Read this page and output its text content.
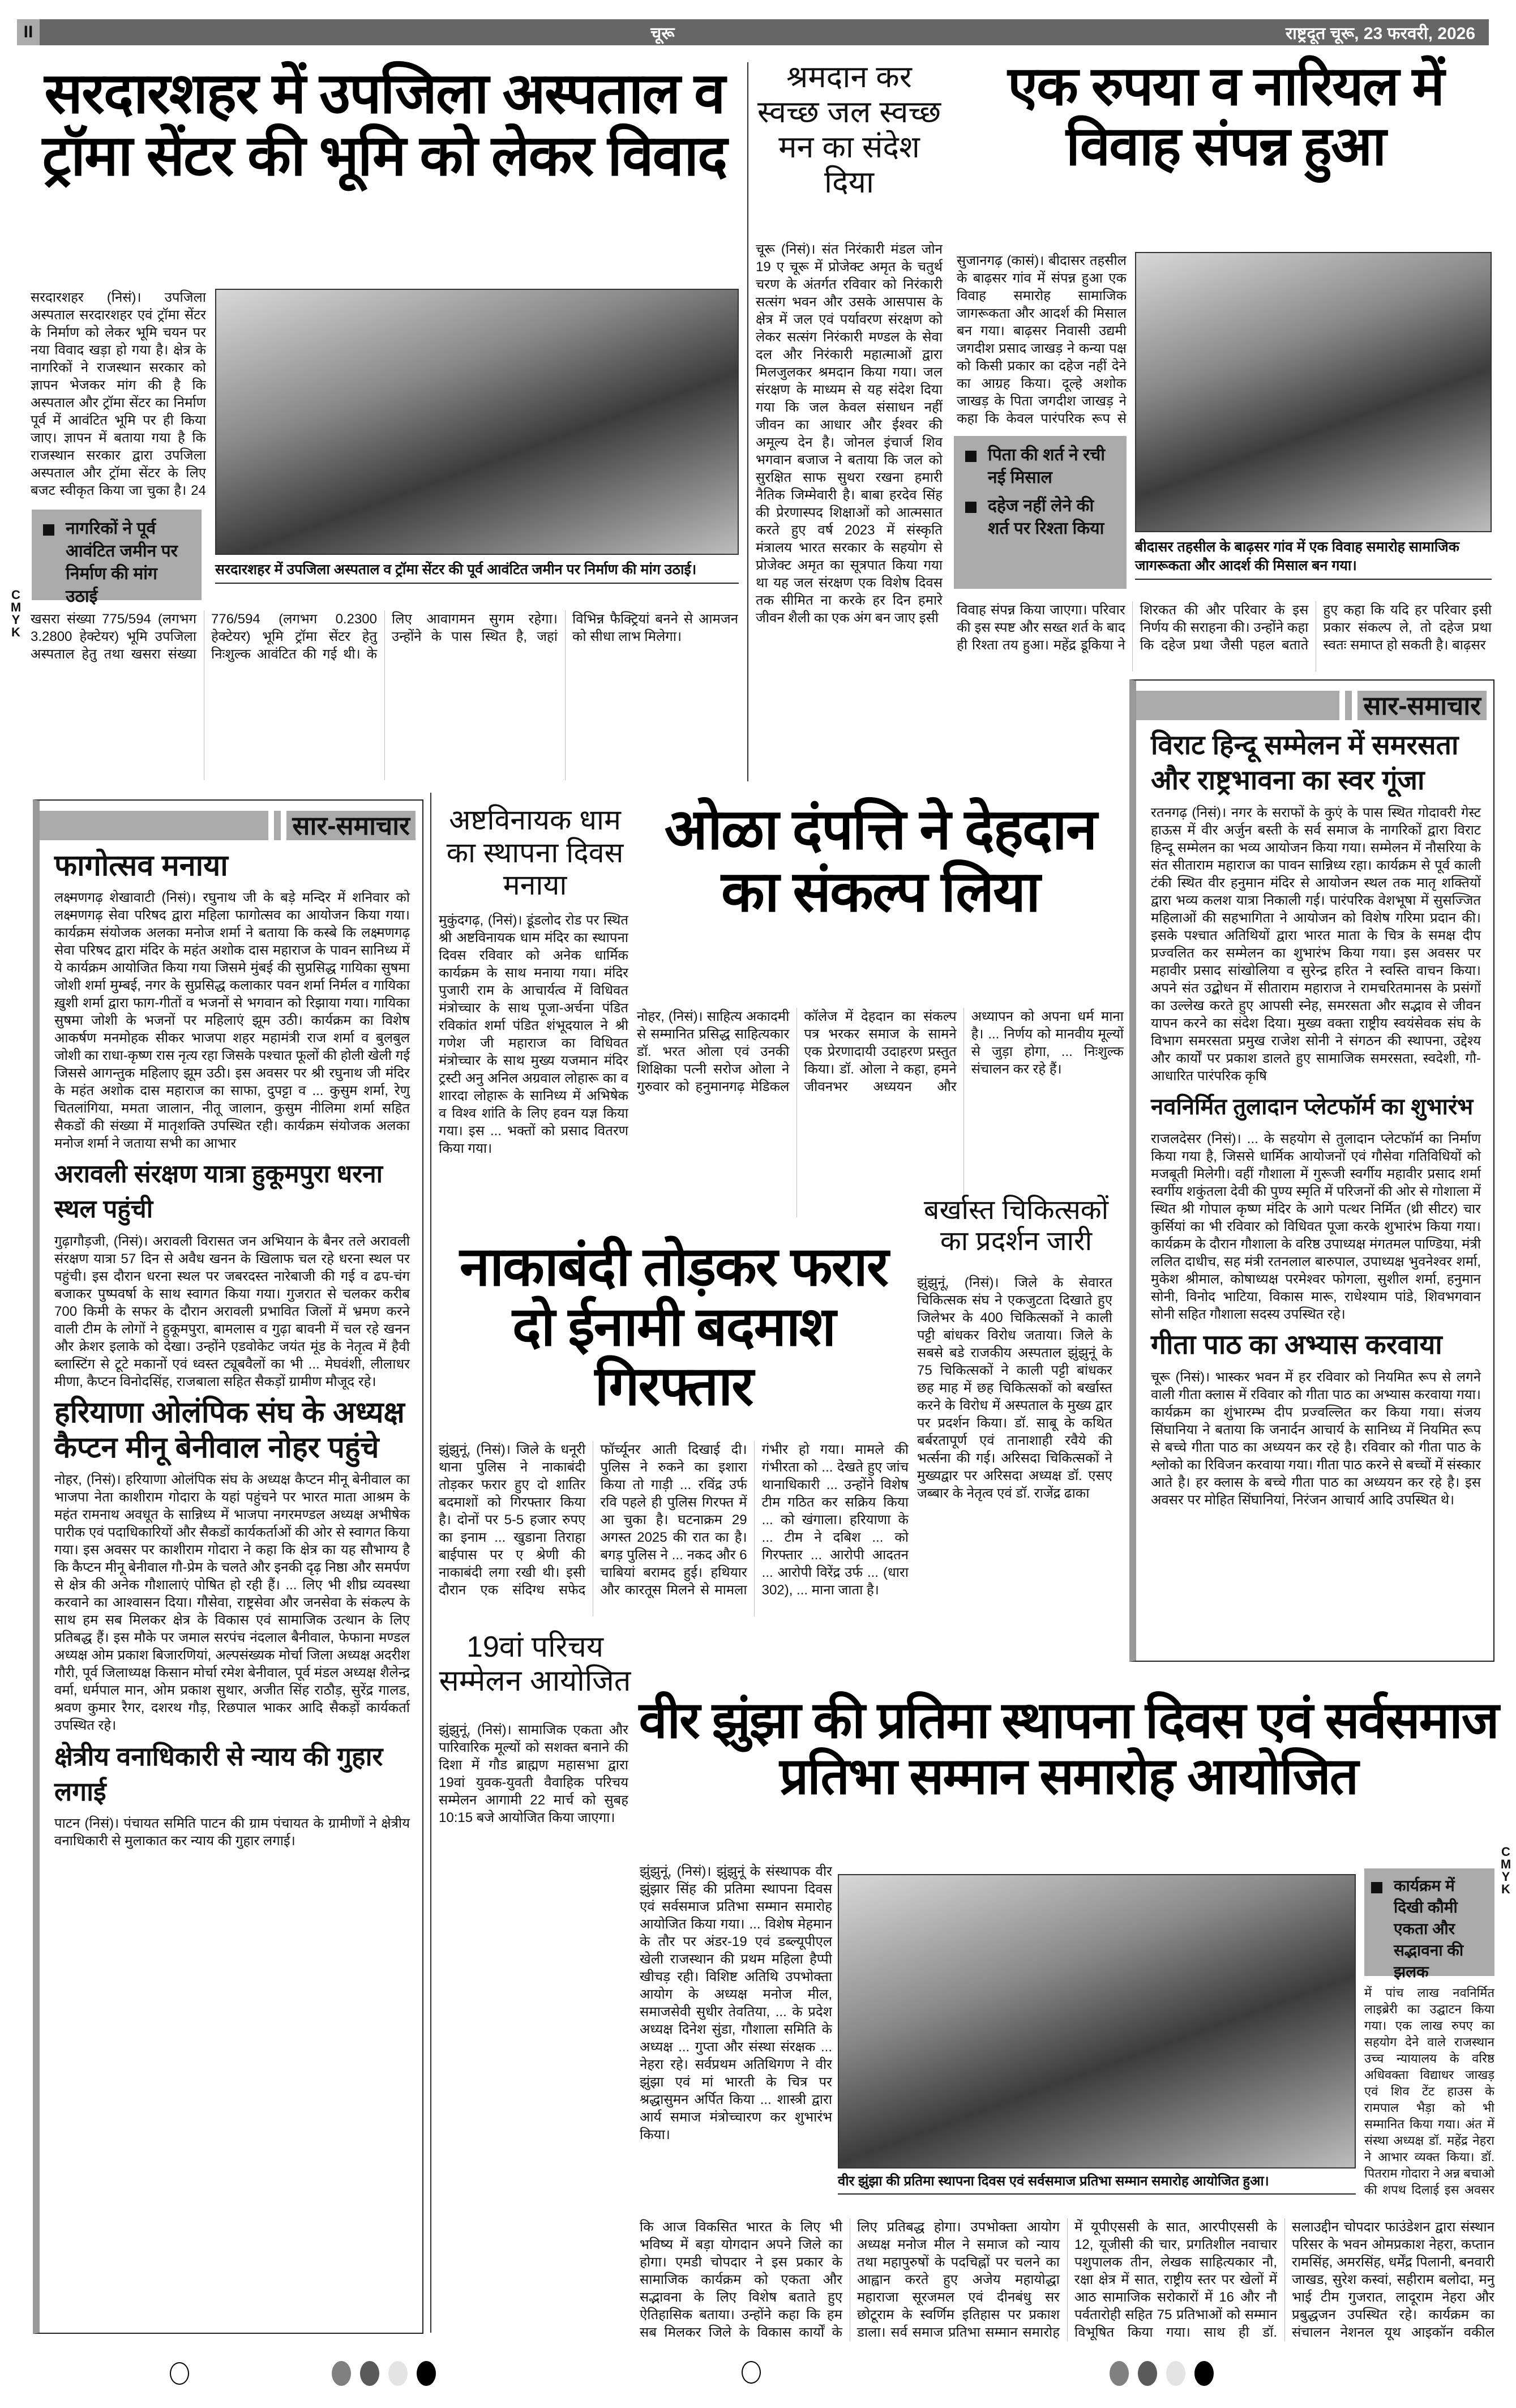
II	चूरू	राष्ट्रदूत चूरू, 23 फरवरी, 2026
सरदारशहर में उपजिला अस्पताल व ट्रॉमा सेंटर की भूमि को लेकर विवाद
सरदारशहर (निसं)। उपजिला अस्पताल सरदारशहर एवं ट्रॉमा सेंटर के निर्माण को लेकर भूमि चयन पर नया विवाद खड़ा हो गया है। क्षेत्र के नागरिकों ने राजस्थान सरकार को ज्ञापन भेजकर मांग की है कि अस्पताल और ट्रॉमा सेंटर का निर्माण पूर्व में आवंटित भूमि पर ही किया जाए। ज्ञापन में बताया गया है कि राजस्थान सरकार द्वारा उपजिला अस्पताल और ट्रॉमा सेंटर के लिए बजट स्वीकृत किया जा चुका है। 24
नागरिकों ने पूर्व आवंटित जमीन पर निर्माण की मांग उठाई
सरदारशहर में उपजिला अस्पताल व ट्रॉमा सेंटर की पूर्व आवंटित जमीन पर निर्माण की मांग उठाई।
खसरा संख्या 775/594 (लगभग 3.2800 हेक्टेयर) भूमि उपजिला अस्पताल हेतु तथा खसरा संख्या 776/594 (लगभग 0.2300 हेक्टेयर) भूमि ट्रॉमा सेंटर हेतु निःशुल्क आवंटित की गई थी। के लिए आवागमन सुगम रहेगा। उन्होंने के पास स्थित है, जहां विभिन्न फैक्ट्रियां बनने से आमजन को सीधा लाभ मिलेगा।
श्रमदान कर स्वच्छ जल स्वच्छ मन का संदेश दिया
चूरू (निसं)। संत निरंकारी मंडल जोन 19 ए चूरू में प्रोजेक्ट अमृत के चतुर्थ चरण के अंतर्गत रविवार को निरंकारी सत्संग भवन और उसके आसपास के क्षेत्र में जल एवं पर्यावरण संरक्षण को लेकर सत्संग निरंकारी मण्डल के सेवा दल और निरंकारी महात्माओं द्वारा मिलजुलकर श्रमदान किया गया। जल संरक्षण के माध्यम से यह संदेश दिया गया कि जल केवल संसाधन नहीं जीवन का आधार और ईश्वर की अमूल्य देन है। जोनल इंचार्ज शिव भगवान बजाज ने बताया कि जल को सुरक्षित साफ सुथरा रखना हमारी नैतिक जिम्मेवारी है। बाबा हरदेव सिंह की प्रेरणास्पद शिक्षाओं को आत्मसात करते हुए वर्ष 2023 में संस्कृति मंत्रालय भारत सरकार के सहयोग से प्रोजेक्ट अमृत का सूत्रपात किया गया था यह जल संरक्षण एक विशेष दिवस तक सीमित ना करके हर दिन हमारे जीवन शैली का एक अंग बन जाए इसी
एक रुपया व नारियल में विवाह संपन्न हुआ
सुजानगढ़ (कासं)। बीदासर तहसील के बाढ़सर गांव में संपन्न हुआ एक विवाह समारोह सामाजिक जागरूकता और आदर्श की मिसाल बन गया। बाढ़सर निवासी उद्यमी जगदीश प्रसाद जाखड़ ने कन्या पक्ष को किसी प्रकार का दहेज नहीं देने का आग्रह किया। दूल्हे अशोक जाखड़ के पिता जगदीश जाखड़ ने कहा कि केवल पारंपरिक रूप से
पिता की शर्त ने रची नई मिसाल
दहेज नहीं लेने की शर्त पर रिश्ता किया
बीदासर तहसील के बाढ़सर गांव में एक विवाह समारोह सामाजिक जागरूकता और आदर्श की मिसाल बन गया।
विवाह संपन्न किया जाएगा। परिवार की इस स्पष्ट और सख्त शर्त के बाद ही रिश्ता तय हुआ। महेंद्र डूकिया ने शिरकत की और परिवार के इस निर्णय की सराहना की। उन्होंने कहा कि दहेज प्रथा जैसी पहल बताते हुए कहा कि यदि हर परिवार इसी प्रकार संकल्प ले, तो दहेज प्रथा स्वतः समाप्त हो सकती है। बाढ़सर
सार-समाचार
फागोत्सव मनाया
लक्ष्मणगढ़ शेखावाटी (निसं)। रघुनाथ जी के बड़े मन्दिर में शनिवार को लक्ष्मणगढ़ सेवा परिषद द्वारा महिला फागोत्सव का आयोजन किया गया। कार्यक्रम संयोजक अलका मनोज शर्मा ने बताया कि कस्बे कि लक्ष्मणगढ़ सेवा परिषद द्वारा मंदिर के महंत अशोक दास महाराज के पावन सानिध्य में ये कार्यक्रम आयोजित किया गया जिसमे मुंबई की सुप्रसिद्ध गायिका सुषमा जोशी शर्मा मुम्बई, नगर के सुप्रसिद्ध कलाकार पवन शर्मा निर्मल व गायिका ख़ुशी शर्मा द्वारा फाग-गीतों व भजनों से भगवान को रिझाया गया। गायिका सुषमा जोशी के भजनों पर महिलाएं झूम उठी। कार्यक्रम का विशेष आकर्षण मनमोहक सीकर भाजपा शहर महामंत्री राज शर्मा व बुलबुल जोशी का राधा-कृष्ण रास नृत्य रहा जिसके पश्चात फूलों की होली खेली गई जिससे आगन्तुक महिलाए झूम उठी। इस अवसर पर श्री रघुनाथ जी मंदिर के महंत अशोक दास महाराज का साफा, दुपट्टा व ... कुसुम शर्मा, रेणु चितलांगिया, ममता जालान, नीतू जालान, कुसुम नीलिमा शर्मा सहित सैकडों की संख्या में मातृशक्ति उपस्थित रही। कार्यक्रम संयोजक अलका मनोज शर्मा ने जताया सभी का आभार
अरावली संरक्षण यात्रा हुकूमपुरा धरना स्थल पहुंची
गुढ़ागौड़जी, (निसं)। अरावली विरासत जन अभियान के बैनर तले अरावली संरक्षण यात्रा 57 दिन से अवैध खनन के खिलाफ चल रहे धरना स्थल पर पहुंची। इस दौरान धरना स्थल पर जबरदस्त नारेबाजी की गई व ढप-चंग बजाकर पुष्पवर्षा के साथ स्वागत किया गया। गुजरात से चलकर करीब 700 किमी के सफर के दौरान अरावली प्रभावित जिलों में भ्रमण करने वाली टीम के लोगों ने हुकूमपुरा, बामलास व गुढ़ा बावनी में चल रहे खनन और क्रेशर इलाके को देखा। उन्होंने एडवोकेट जयंत मूंड के नेतृत्व में हैवी ब्लास्टिंग से टूटे मकानों एवं ध्वस्त ट्यूबवैलों का भी ... मेघवंशी, लीलाधर मीणा, कैप्टन विनोदसिंह, राजबाला सहित सैकड़ों ग्रामीण मौजूद रहे।
हरियाणा ओलंपिक संघ के अध्यक्ष कैप्टन मीनू बेनीवाल नोहर पहुंचे
नोहर, (निसं)। हरियाणा ओलंपिक संघ के अध्यक्ष कैप्टन मीनू बेनीवाल का भाजपा नेता काशीराम गोदारा के यहां पहुंचने पर भारत माता आश्रम के महंत रामनाथ अवधूत के सान्निध्य में भाजपा नगरमण्डल अध्यक्ष अभीषेक पारीक एवं पदाधिकारियों और सैकडों कार्यकर्ताओं की ओर से स्वागत किया गया। इस अवसर पर काशीराम गोदारा ने कहा कि क्षेत्र का यह सौभाग्य है कि कैप्टन मीनू बेनीवाल गौ-प्रेम के चलते और इनकी दृढ़ निष्ठा और समर्पण से क्षेत्र की अनेक गौशालाएं पोषित हो रही हैं। ... लिए भी शीघ्र व्यवस्था करवाने का आश्वासन दिया। गौसेवा, राष्ट्रसेवा और जनसेवा के संकल्प के साथ हम सब मिलकर क्षेत्र के विकास एवं सामाजिक उत्थान के लिए प्रतिबद्ध हैं। इस मौके पर जमाल सरपंच नंदलाल बैनीवाल, फेफाना मण्डल अध्यक्ष ओम प्रकाश बिजारणियां, अल्पसंख्यक मोर्चा जिला अध्यक्ष अदरीश गौरी, पूर्व जिलाध्यक्ष किसान मोर्चा रमेश बेनीवाल, पूर्व मंडल अध्यक्ष शैलेन्द्र वर्मा, धर्मपाल मान, ओम प्रकाश सुथार, अजीत सिंह राठौड़, सुरेंद्र गालड, श्रवण कुमार रैगर, दशरथ गौड़, रिछपाल भाकर आदि सैकड़ों कार्यकर्ता उपस्थित रहे।
क्षेत्रीय वनाधिकारी से न्याय की गुहार लगाई
पाटन (निसं)। पंचायत समिति पाटन की ग्राम पंचायत के ग्रामीणों ने क्षेत्रीय वनाधिकारी से मुलाकात कर न्याय की गुहार लगाई।
अष्टविनायक धाम का स्थापना दिवस मनाया
मुकुंदगढ़, (निसं)। डूंडलोद रोड पर स्थित श्री अष्टविनायक धाम मंदिर का स्थापना दिवस रविवार को अनेक धार्मिक कार्यक्रम के साथ मनाया गया। मंदिर पुजारी राम के आचार्यत्व में विधिवत मंत्रोच्चार के साथ पूजा-अर्चना पंडित रविकांत शर्मा पंडित शंभूदयाल ने श्री गणेश जी महाराज का विधिवत मंत्रोच्चार के साथ मुख्य यजमान मंदिर ट्रस्टी अनु अनिल अग्रवाल लोहारू का व शारदा लोहारू के सानिध्य में अभिषेक व विश्व शांति के लिए हवन यज्ञ किया गया। इस ... भक्तों को प्रसाद वितरण किया गया।
ओळा दंपत्ति ने देहदान का संकल्प लिया
नोहर, (निसं)। साहित्य अकादमी से सम्मानित प्रसिद्ध साहित्यकार डॉ. भरत ओला एवं उनकी शिक्षिका पत्नी सरोज ओला ने गुरुवार को हनुमानगढ़ मेडिकल कॉलेज में देहदान का संकल्प पत्र भरकर समाज के सामने एक प्रेरणादायी उदाहरण प्रस्तुत किया। डॉ. ओला ने कहा, हमने जीवनभर अध्ययन और अध्यापन को अपना धर्म माना है। ... निर्णय को मानवीय मूल्यों से जुड़ा होगा, ... निःशुल्क संचालन कर रहे हैं।
सार-समाचार
विराट हिन्दू सम्मेलन में समरसता और राष्ट्रभावना का स्वर गूंजा
रतनगढ़ (निसं)। नगर के सराफों के कुएं के पास स्थित गोदावरी गेस्ट हाऊस में वीर अर्जुन बस्ती के सर्व समाज के नागरिकों द्वारा विराट हिन्दू सम्मेलन का भव्य आयोजन किया गया। सम्मेलन में नौसरिया के संत सीताराम महाराज का पावन सान्निध्य रहा। कार्यक्रम से पूर्व काली टंकी स्थित वीर हनुमान मंदिर से आयोजन स्थल तक मातृ शक्तियों द्वारा भव्य कलश यात्रा निकाली गई। पारंपरिक वेशभूषा में सुसज्जित महिलाओं की सहभागिता ने आयोजन को विशेष गरिमा प्रदान की। इसके पश्चात अतिथियों द्वारा भारत माता के चित्र के समक्ष दीप प्रज्वलित कर सम्मेलन का शुभारंभ किया गया। इस अवसर पर महावीर प्रसाद सांखोलिया व सुरेन्द्र हरित ने स्वस्ति वाचन किया। अपने संत उद्बोधन में सीताराम महाराज ने रामचरितमानस के प्रसंगों का उल्लेख करते हुए आपसी स्नेह, समरसता और सद्भाव से जीवन यापन करने का संदेश दिया। मुख्य वक्ता राष्ट्रीय स्वयंसेवक संघ के विभाग समरसता प्रमुख राजेश सोनी ने संगठन की स्थापना, उद्देश्य और कार्यों पर प्रकाश डालते हुए सामाजिक समरसता, स्वदेशी, गौ-आधारित पारंपरिक कृषि
नवनिर्मित तुलादान प्लेटफॉर्म का शुभारंभ
राजलदेसर (निसं)। ... के सहयोग से तुलादान प्लेटफॉर्म का निर्माण किया गया है, जिससे धार्मिक आयोजनों एवं गौसेवा गतिविधियों को मजबूती मिलेगी। वहीं गौशाला में गुरूजी स्वर्गीय महावीर प्रसाद शर्मा स्वर्गीय शकुंतला देवी की पुण्य स्मृति में परिजनों की ओर से गोशाला में स्थित श्री गोपाल कृष्ण मंदिर के आगे पत्थर निर्मित (थ्री सीटर) चार कुर्सियां का भी रविवार को विधिवत पूजा करके शुभारंभ किया गया। कार्यक्रम के दौरान गौशाला के वरिष्ठ उपाध्यक्ष मंगतमल पाण्डिया, मंत्री ललित दाधीच, सह मंत्री रतनलाल बारुपाल, उपाध्यक्ष भुवनेश्वर शर्मा, मुकेश श्रीमाल, कोषाध्यक्ष परमेश्वर फोगला, सुशील शर्मा, हनुमान सोनी, विनोद भाटिया, विकास मारू, राधेश्याम पांडे, शिवभगवान सोनी सहित गौशाला सदस्य उपस्थित रहे।
गीता पाठ का अभ्यास करवाया
चूरू (निसं)। भास्कर भवन में हर रविवार को नियमित रूप से लगने वाली गीता क्लास में रविवार को गीता पाठ का अभ्यास करवाया गया। कार्यक्रम का शुंभारम्भ दीप प्रज्वल्लित कर किया गया। संजय सिंघानिया ने बताया कि जनार्दन आचार्य के सानिध्य में नियमित रूप से बच्चे गीता पाठ का अध्ययन कर रहे है। रविवार को गीता पाठ के श्लोको का रिविजन करवाया गया। गीता पाठ करने से बच्चों में संस्कार आते है। हर क्लास के बच्चे गीता पाठ का अध्ययन कर रहे है। इस अवसर पर मोहित सिंघानियां, निरंजन आचार्य आदि उपस्थित थे।
नाकाबंदी तोड़कर फरार दो ईनामी बदमाश गिरफ्तार
झुंझुनूं, (निसं)। जिले के धनूरी थाना पुलिस ने नाकाबंदी तोड़कर फरार हुए दो शातिर बदमाशों को गिरफ्तार किया है। दोनों पर 5-5 हजार रुपए का इनाम ... खुडाना तिराहा बाईपास पर ए श्रेणी की नाकाबंदी लगा रखी थी। इसी दौरान एक संदिग्ध सफेद फॉर्च्यूनर आती दिखाई दी। पुलिस ने रुकने का इशारा किया तो गाड़ी ... रविंद्र उर्फ रवि पहले ही पुलिस गिरफ्त में आ चुका है। घटनाक्रम 29 अगस्त 2025 की रात का है। बगड़ पुलिस ने ... नकद और 6 चाबियां बरामद हुई। हथियार और कारतूस मिलने से मामला गंभीर हो गया। मामले की गंभीरता को ... देखते हुए जांच थानाधिकारी ... उन्होंने विशेष टीम गठित कर सक्रिय किया ... को खंगाला। हरियाणा के ... टीम ने दबिश ... को गिरफ्तार ... आरोपी आदतन ... आरोपी विरेंद्र उर्फ ... (धारा 302), ... माना जाता है।
बर्खास्त चिकित्सकों का प्रदर्शन जारी
झुंझुनूं, (निसं)। जिले के सेवारत चिकित्सक संघ ने एकजुटता दिखाते हुए जिलेभर के 400 चिकित्सकों ने काली पट्टी बांधकर विरोध जताया। जिले के सबसे बडे राजकीय अस्पताल झुंझुनूं के 75 चिकित्सकों ने काली पट्टी बांधकर छह माह में छह चिकित्सकों को बर्खास्त करने के विरोध में अस्पताल के मुख्य द्वार पर प्रदर्शन किया। डॉ. साबू के कथित बर्बरतापूर्ण एवं तानाशाही रवैये की भर्त्सना की गई। अरिसदा चिकित्सकों ने मुख्यद्वार पर अरिसदा अध्यक्ष डॉ. एसए जब्बार के नेतृत्व एवं डॉ. राजेंद्र ढाका
19वां परिचय सम्मेलन आयोजित
झुंझुनूं, (निसं)। सामाजिक एकता और पारिवारिक मूल्यों को सशक्त बनाने की दिशा में गौड ब्राह्मण महासभा द्वारा 19वां युवक-युवती वैवाहिक परिचय सम्मेलन आगामी 22 मार्च को सुबह 10:15 बजे आयोजित किया जाएगा।
वीर झुंझा की प्रतिमा स्थापना दिवस एवं सर्वसमाज प्रतिभा सम्मान समारोह आयोजित
झुंझुनूं, (निसं)। झुंझुनूं के संस्थापक वीर झुंझार सिंह की प्रतिमा स्थापना दिवस एवं सर्वसमाज प्रतिभा सम्मान समारोह आयोजित किया गया। ... विशेष मेहमान के तौर पर अंडर-19 एवं डब्ल्यूपीएल खेली राजस्थान की प्रथम महिला हैप्पी खीचड़ रही। विशिष्ट अतिथि उपभोक्ता आयोग के अध्यक्ष मनोज मील, समाजसेवी सुधीर तेवतिया, ... के प्रदेश अध्यक्ष दिनेश सुंडा, गौशाला समिति के अध्यक्ष ... गुप्ता और संस्था संरक्षक ... नेहरा रहे। सर्वप्रथम अतिथिगण ने वीर झुंझा एवं मां भारती के चित्र पर श्रद्धासुमन अर्पित किया ... शास्त्री द्वारा आर्य समाज मंत्रोच्चारण कर शुभारंभ किया।
वीर झुंझा की प्रतिमा स्थापना दिवस एवं सर्वसमाज प्रतिभा सम्मान समारोह आयोजित हुआ।
कार्यक्रम में दिखी कौमी एकता और सद्भावना की झलक
में पांच लाख नवनिर्मित लाइब्रेरी का उद्घाटन किया गया। एक लाख रुपए का सहयोग देने वाले राजस्थान उच्च न्यायालय के वरिष्ठ अधिवक्ता विद्याधर जाखड़ एवं शिव टेंट हाउस के रामपाल भैड़ा को भी सम्मानित किया गया। अंत में संस्था अध्यक्ष डॉ. महेंद्र नेहरा ने आभार व्यक्त किया। डॉ. पितराम गोदारा ने अन्न बचाओ की शपथ दिलाई इस अवसर
कि आज विकसित भारत के लिए भी भविष्य में बड़ा योगदान अपने जिले का होगा। एमडी चोपदार ने इस प्रकार के सामाजिक कार्यक्रम को एकता और सद्भावना के लिए विशेष बताते हुए ऐतिहासिक बताया। उन्होंने कहा कि हम सब मिलकर जिले के विकास कार्यों के लिए प्रतिबद्ध होगा। उपभोक्ता आयोग अध्यक्ष मनोज मील ने समाज को न्याय तथा महापुरुषों के पदचिह्नों पर चलने का आह्वान करते हुए अजेय महायोद्धा महाराजा सूरजमल एवं दीनबंधु सर छोटूराम के स्वर्णिम इतिहास पर प्रकाश डाला। सर्व समाज प्रतिभा सम्मान समारोह में यूपीएससी के सात, आरपीएससी के 12, यूजीसी की चार, प्रगतिशील नवाचार पशुपालक तीन, लेखक साहित्यकार नौ, रक्षा क्षेत्र में सात, राष्ट्रीय स्तर पर खेलों में आठ सामाजिक सरोकारों में 16 और नौ पर्वतारोही सहित 75 प्रतिभाओं को सम्मान विभूषित किया गया। साथ ही डॉ. सलाउद्दीन चोपदार फाउंडेशन द्वारा संस्थान परिसर के भवन ओमप्रकाश नेहरा, कप्तान रामसिंह, अमरसिंह, धर्मेंद्र पिलानी, बनवारी जाखड, सुरेश कस्वां, सहीराम बलोदा, मनु भाई टीम गुजरात, लादूराम नेहरा और प्रबुद्धजन उपस्थित रहे। कार्यक्रम का संचालन नेशनल यूथ आइकॉन वकील
C
M
Y
K
C
M
Y
K
